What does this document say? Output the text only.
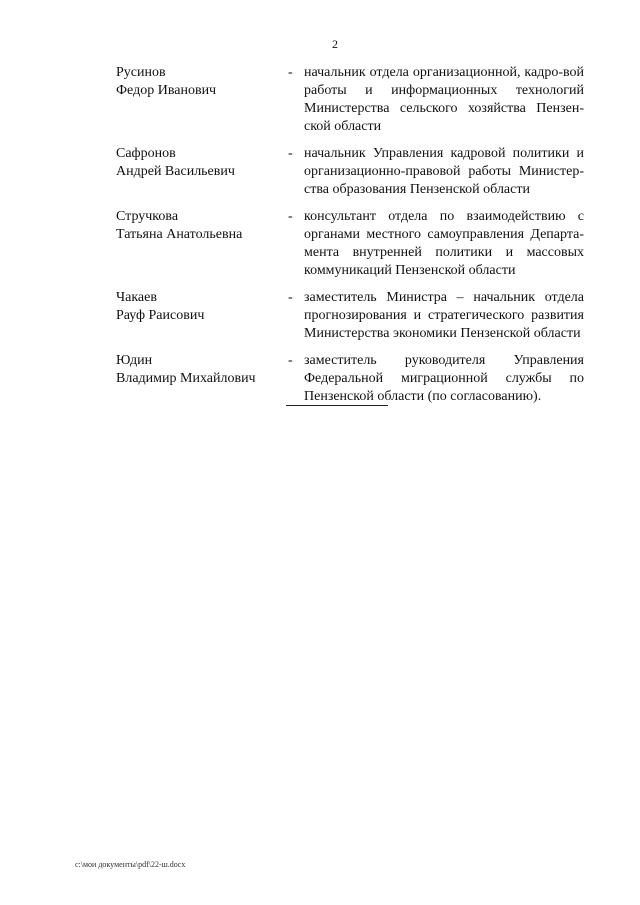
2
Русинов
Федор Иванович
- начальник отдела организационной, кадро-вой работы и информационных технологий Министерства сельского хозяйства Пензен-ской области
Сафронов
Андрей Васильевич
- начальник Управления кадровой политики и организационно-правовой работы Министер-ства образования Пензенской области
Стручкова
Татьяна Анатольевна
- консультант отдела по взаимодействию с органами местного самоуправления Департа-мента внутренней политики и массовых коммуникаций Пензенской области
Чакаев
Рауф Раисович
- заместитель Министра – начальник отдела прогнозирования и стратегического развития Министерства экономики Пензенской области
Юдин
Владимир Михайлович
- заместитель руководителя Управления Федеральной миграционной службы по Пензенской области (по согласованию).
c:\мои документы\pdf\22-ш.docx
